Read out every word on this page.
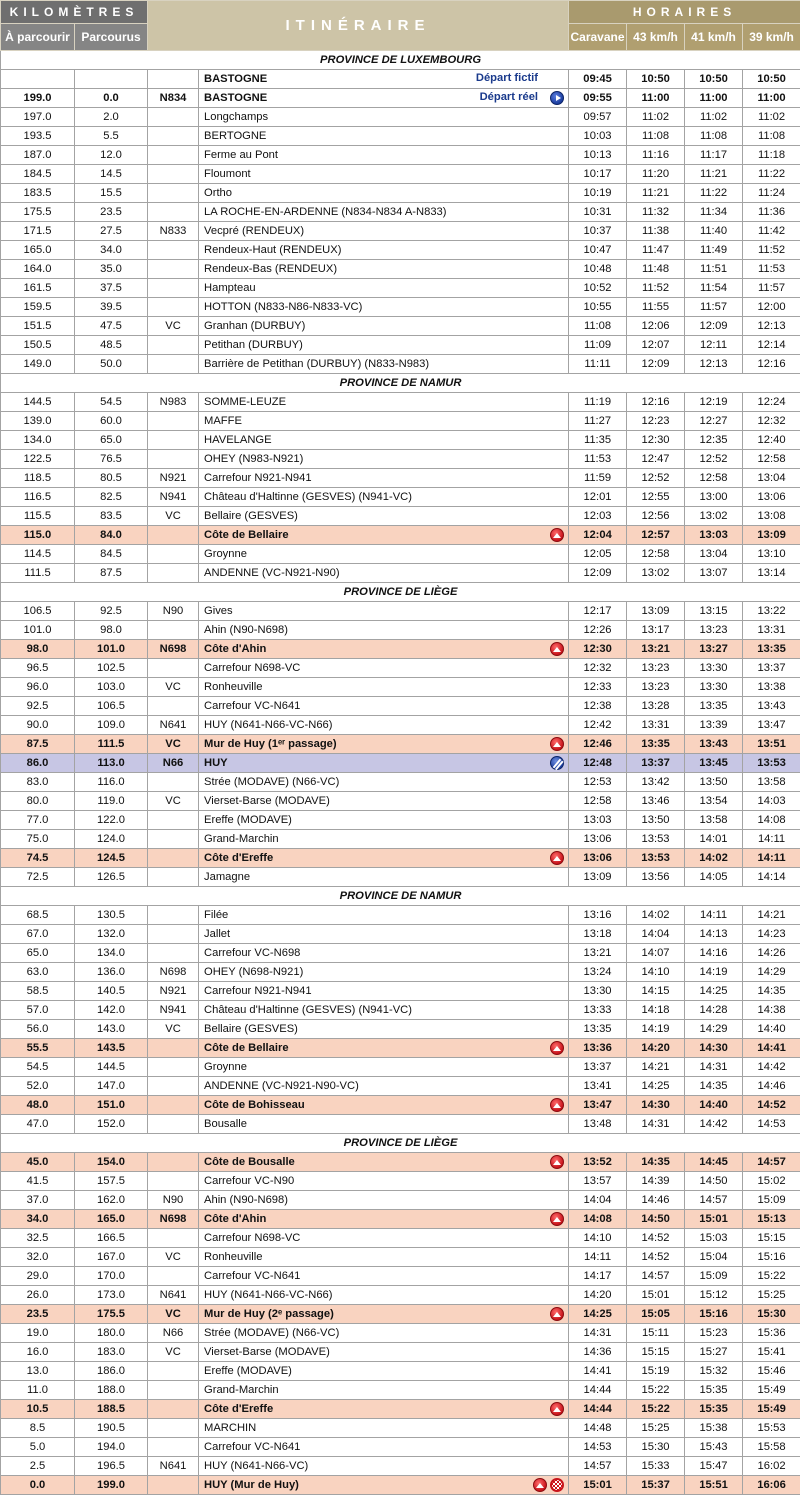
KILOMÈTRES		ITINÉRAIRE		HORAIRES			
À parcourir	Parcourus			Caravane	43 km/h	41 km/h	39 km/h
PROVINCE DE LUXEMBOURG							
			BASTOGNE Départ fictif	09:45	10:50	10:50	10:50
199.0	0.0	N834	BASTOGNE Départ réel	09:55	11:00	11:00	11:00
197.0	2.0		Longchamps	09:57	11:02	11:02	11:02
193.5	5.5		BERTOGNE	10:03	11:08	11:08	11:08
187.0	12.0		Ferme au Pont	10:13	11:16	11:17	11:18
184.5	14.5		Floumont	10:17	11:20	11:21	11:22
183.5	15.5		Ortho	10:19	11:21	11:22	11:24
175.5	23.5		LA ROCHE-EN-ARDENNE (N834-N834 A-N833)	10:31	11:32	11:34	11:36
171.5	27.5	N833	Vecpré (RENDEUX)	10:37	11:38	11:40	11:42
165.0	34.0		Rendeux-Haut (RENDEUX)	10:47	11:47	11:49	11:52
164.0	35.0		Rendeux-Bas (RENDEUX)	10:48	11:48	11:51	11:53
161.5	37.5		Hampteau	10:52	11:52	11:54	11:57
159.5	39.5		HOTTON (N833-N86-N833-VC)	10:55	11:55	11:57	12:00
151.5	47.5	VC	Granhan (DURBUY)	11:08	12:06	12:09	12:13
150.5	48.5		Petithan (DURBUY)	11:09	12:07	12:11	12:14
149.0	50.0		Barrière de Petithan (DURBUY) (N833-N983)	11:11	12:09	12:13	12:16
PROVINCE DE NAMUR							
144.5	54.5	N983	SOMME-LEUZE	11:19	12:16	12:19	12:24
139.0	60.0		MAFFE	11:27	12:23	12:27	12:32
134.0	65.0		HAVELANGE	11:35	12:30	12:35	12:40
122.5	76.5		OHEY (N983-N921)	11:53	12:47	12:52	12:58
118.5	80.5	N921	Carrefour N921-N941	11:59	12:52	12:58	13:04
116.5	82.5	N941	Château d'Haltinne (GESVES) (N941-VC)	12:01	12:55	13:00	13:06
115.5	83.5	VC	Bellaire (GESVES)	12:03	12:56	13:02	13:08
115.0	84.0		Côte de Bellaire	12:04	12:57	13:03	13:09
114.5	84.5		Groynne	12:05	12:58	13:04	13:10
111.5	87.5		ANDENNE (VC-N921-N90)	12:09	13:02	13:07	13:14
PROVINCE DE LIÈGE							
106.5	92.5	N90	Gives	12:17	13:09	13:15	13:22
101.0	98.0		Ahin (N90-N698)	12:26	13:17	13:23	13:31
98.0	101.0	N698	Côte d'Ahin	12:30	13:21	13:27	13:35
96.5	102.5		Carrefour N698-VC	12:32	13:23	13:30	13:37
96.0	103.0	VC	Ronheuville	12:33	13:23	13:30	13:38
92.5	106.5		Carrefour VC-N641	12:38	13:28	13:35	13:43
90.0	109.0	N641	HUY (N641-N66-VC-N66)	12:42	13:31	13:39	13:47
87.5	111.5	VC	Mur de Huy (1ᵉʳ passage)	12:46	13:35	13:43	13:51
86.0	113.0	N66	HUY	12:48	13:37	13:45	13:53
83.0	116.0		Strée (MODAVE) (N66-VC)	12:53	13:42	13:50	13:58
80.0	119.0	VC	Vierset-Barse (MODAVE)	12:58	13:46	13:54	14:03
77.0	122.0		Ereffe (MODAVE)	13:03	13:50	13:58	14:08
75.0	124.0		Grand-Marchin	13:06	13:53	14:01	14:11
74.5	124.5		Côte d'Ereffe	13:06	13:53	14:02	14:11
72.5	126.5		Jamagne	13:09	13:56	14:05	14:14
PROVINCE DE NAMUR							
68.5	130.5		Filée	13:16	14:02	14:11	14:21
67.0	132.0		Jallet	13:18	14:04	14:13	14:23
65.0	134.0		Carrefour VC-N698	13:21	14:07	14:16	14:26
63.0	136.0	N698	OHEY (N698-N921)	13:24	14:10	14:19	14:29
58.5	140.5	N921	Carrefour N921-N941	13:30	14:15	14:25	14:35
57.0	142.0	N941	Château d'Haltinne (GESVES) (N941-VC)	13:33	14:18	14:28	14:38
56.0	143.0	VC	Bellaire (GESVES)	13:35	14:19	14:29	14:40
55.5	143.5		Côte de Bellaire	13:36	14:20	14:30	14:41
54.5	144.5		Groynne	13:37	14:21	14:31	14:42
52.0	147.0		ANDENNE (VC-N921-N90-VC)	13:41	14:25	14:35	14:46
48.0	151.0		Côte de Bohisseau	13:47	14:30	14:40	14:52
47.0	152.0		Bousalle	13:48	14:31	14:42	14:53
PROVINCE DE LIÈGE							
45.0	154.0		Côte de Bousalle	13:52	14:35	14:45	14:57
41.5	157.5		Carrefour VC-N90	13:57	14:39	14:50	15:02
37.0	162.0	N90	Ahin (N90-N698)	14:04	14:46	14:57	15:09
34.0	165.0	N698	Côte d'Ahin	14:08	14:50	15:01	15:13
32.5	166.5		Carrefour N698-VC	14:10	14:52	15:03	15:15
32.0	167.0	VC	Ronheuville	14:11	14:52	15:04	15:16
29.0	170.0		Carrefour VC-N641	14:17	14:57	15:09	15:22
26.0	173.0	N641	HUY (N641-N66-VC-N66)	14:20	15:01	15:12	15:25
23.5	175.5	VC	Mur de Huy (2ᵉ passage)	14:25	15:05	15:16	15:30
19.0	180.0	N66	Strée (MODAVE) (N66-VC)	14:31	15:11	15:23	15:36
16.0	183.0	VC	Vierset-Barse (MODAVE)	14:36	15:15	15:27	15:41
13.0	186.0		Ereffe (MODAVE)	14:41	15:19	15:32	15:46
11.0	188.0		Grand-Marchin	14:44	15:22	15:35	15:49
10.5	188.5		Côte d'Ereffe	14:44	15:22	15:35	15:49
8.5	190.5		MARCHIN	14:48	15:25	15:38	15:53
5.0	194.0		Carrefour VC-N641	14:53	15:30	15:43	15:58
2.5	196.5	N641	HUY (N641-N66-VC)	14:57	15:33	15:47	16:02
0.0	199.0		HUY (Mur de Huy)	15:01	15:37	15:51	16:06
